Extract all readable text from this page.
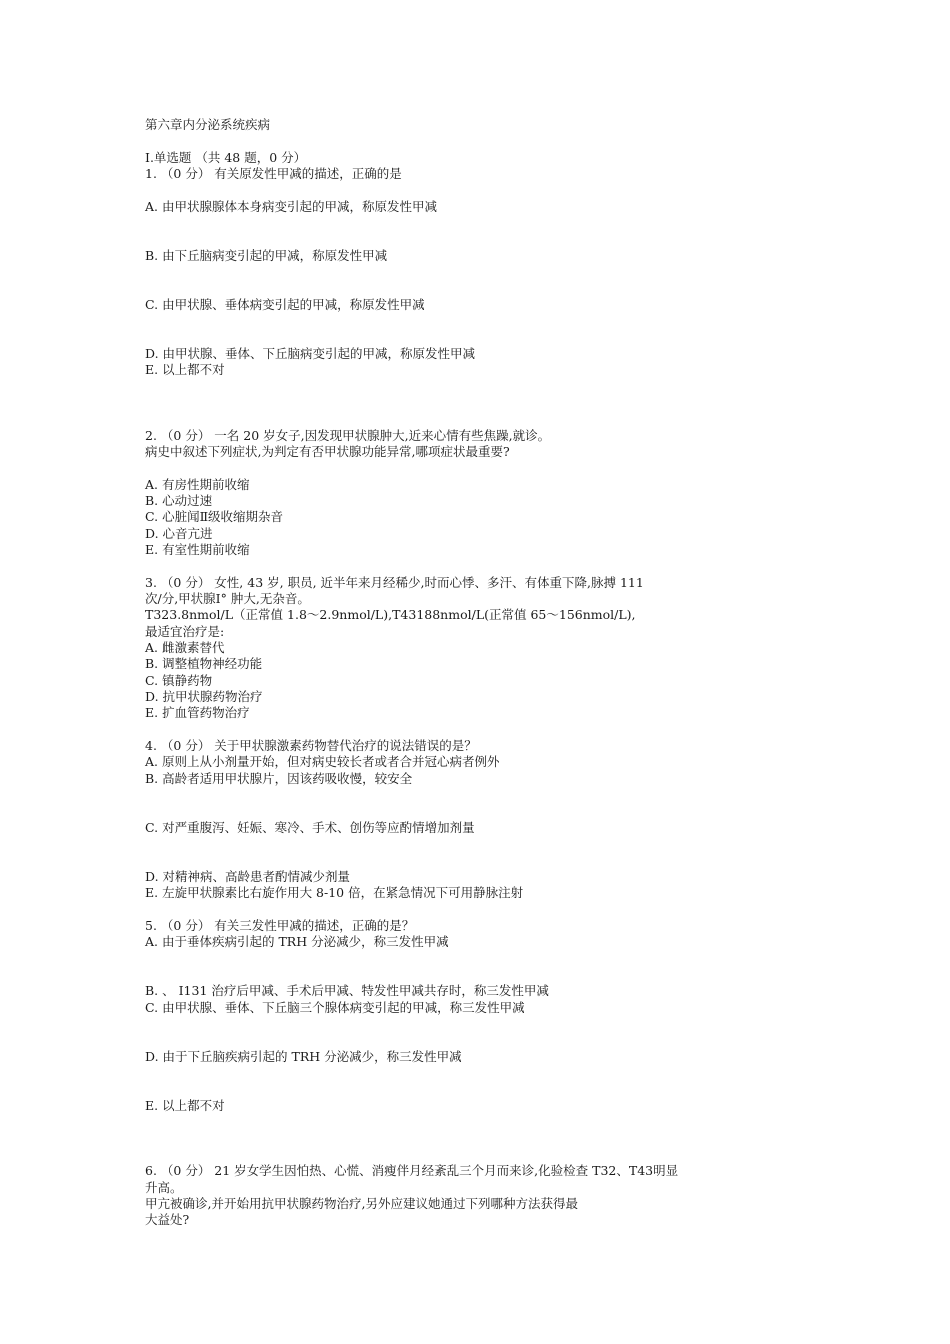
第六章内分泌系统疾病
I.单选题 （共 48 题，0 分）
1. （0 分） 有关原发性甲减的描述，正确的是
A. 由甲状腺腺体本身病变引起的甲减，称原发性甲减
B. 由下丘脑病变引起的甲减，称原发性甲减
C. 由甲状腺、垂体病变引起的甲减，称原发性甲减
D. 由甲状腺、垂体、下丘脑病变引起的甲减，称原发性甲减
E. 以上都不对
2. （0 分） 一名 20 岁女子,因发现甲状腺肿大,近来心情有些焦躁,就诊。
病史中叙述下列症状,为判定有否甲状腺功能异常,哪项症状最重要?
A. 有房性期前收缩
B. 心动过速
C. 心脏闻Ⅱ级收缩期杂音
D. 心音亢进
E. 有室性期前收缩
3. （0 分） 女性, 43 岁, 职员, 近半年来月经稀少,时而心悸、多汗、有体重下降,脉搏 111
次/分,甲状腺Ⅰ° 肿大,无杂音。
T323.8nmol/L（正常值 1.8～2.9nmol/L),T43188nmol/L(正常值 65～156nmol/L),
最适宜治疗是:
A. 雌激素替代
B. 调整植物神经功能
C. 镇静药物
D. 抗甲状腺药物治疗
E. 扩血管药物治疗
4. （0 分） 关于甲状腺激素药物替代治疗的说法错误的是？
A. 原则上从小剂量开始，但对病史较长者或者合并冠心病者例外
B. 高龄者适用甲状腺片，因该药吸收慢，较安全
C. 对严重腹泻、妊娠、寒冷、手术、创伤等应酌情增加剂量
D. 对精神病、高龄患者酌情减少剂量
E. 左旋甲状腺素比右旋作用大 8-10 倍，在紧急情况下可用静脉注射
5. （0 分） 有关三发性甲减的描述，正确的是？
A. 由于垂体疾病引起的 TRH 分泌减少，称三发性甲减
B. 、 I131 治疗后甲减、手术后甲减、特发性甲减共存时，称三发性甲减
C. 由甲状腺、垂体、下丘脑三个腺体病变引起的甲减，称三发性甲减
D. 由于下丘脑疾病引起的 TRH 分泌减少，称三发性甲减
E. 以上都不对
6. （0 分） 21 岁女学生因怕热、心慌、消瘦伴月经紊乱三个月而来诊,化验检查 T32、T43明显
升高。
甲亢被确诊,并开始用抗甲状腺药物治疗,另外应建议她通过下列哪种方法获得最
大益处?
